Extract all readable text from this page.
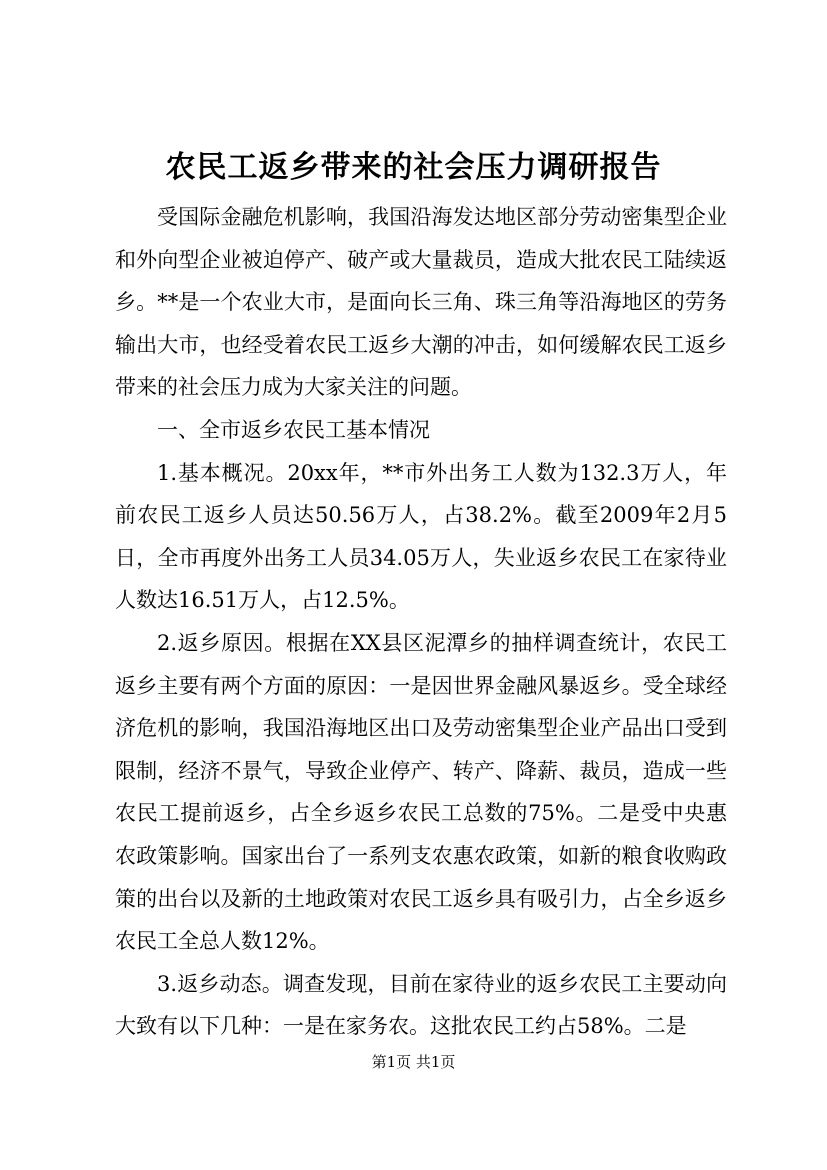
农民工返乡带来的社会压力调研报告

受国际金融危机影响，我国沿海发达地区部分劳动密集型企业和外向型企业被迫停产、破产或大量裁员，造成大批农民工陆续返乡。**是一个农业大市，是面向长三角、珠三角等沿海地区的劳务输出大市，也经受着农民工返乡大潮的冲击，如何缓解农民工返乡带来的社会压力成为大家关注的问题。

一、全市返乡农民工基本情况

1.基本概况。20xx年，**市外出务工人数为132.3万人，年前农民工返乡人员达50.56万人，占38.2%。截至2009年2月5日，全市再度外出务工人员34.05万人，失业返乡农民工在家待业人数达16.51万人，占12.5%。

2.返乡原因。根据在XX县区泥潭乡的抽样调查统计，农民工返乡主要有两个方面的原因：一是因世界金融风暴返乡。受全球经济危机的影响，我国沿海地区出口及劳动密集型企业产品出口受到限制，经济不景气，导致企业停产、转产、降薪、裁员，造成一些农民工提前返乡，占全乡返乡农民工总数的75%。二是受中央惠农政策影响。国家出台了一系列支农惠农政策，如新的粮食收购政策的出台以及新的土地政策对农民工返乡具有吸引力，占全乡返乡农民工全总人数12%。

3.返乡动态。调查发现，目前在家待业的返乡农民工主要动向大致有以下几种：一是在家务农。这批农民工约占58%。二是

第1页 共1页
